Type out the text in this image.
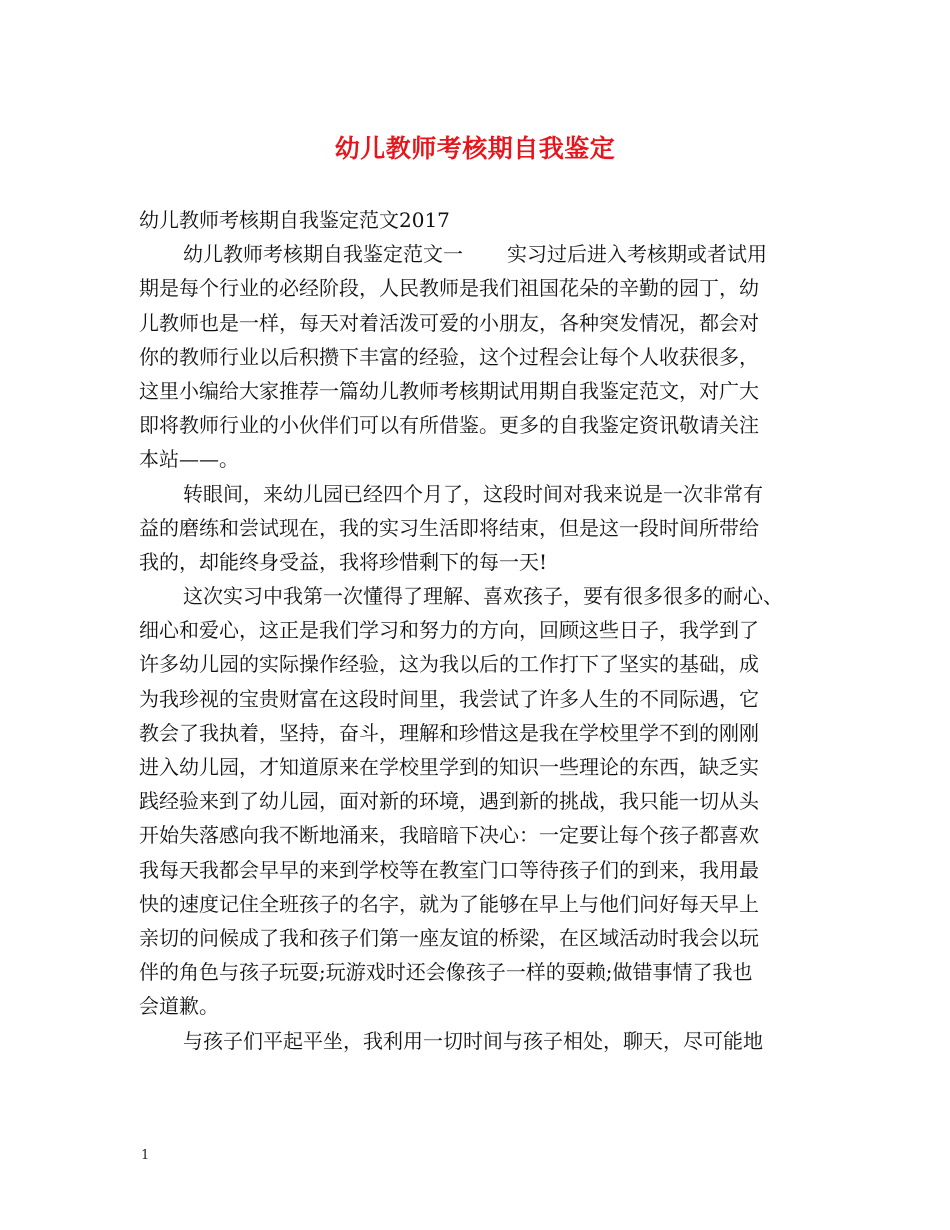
幼儿教师考核期自我鉴定
幼儿教师考核期自我鉴定范文2017
幼儿教师考核期自我鉴定范文一 实习过后进入考核期或者试用
期是每个行业的必经阶段，人民教师是我们祖国花朵的辛勤的园丁，幼
儿教师也是一样，每天对着活泼可爱的小朋友，各种突发情况，都会对
你的教师行业以后积攒下丰富的经验，这个过程会让每个人收获很多，
这里小编给大家推荐一篇幼儿教师考核期试用期自我鉴定范文，对广大
即将教师行业的小伙伴们可以有所借鉴。更多的自我鉴定资讯敬请关注
本站——。
转眼间，来幼儿园已经四个月了，这段时间对我来说是一次非常有
益的磨练和尝试现在，我的实习生活即将结束，但是这一段时间所带给
我的，却能终身受益，我将珍惜剩下的每一天!
这次实习中我第一次懂得了理解、喜欢孩子，要有很多很多的耐心、
细心和爱心，这正是我们学习和努力的方向，回顾这些日子，我学到了
许多幼儿园的实际操作经验，这为我以后的工作打下了坚实的基础，成
为我珍视的宝贵财富在这段时间里，我尝试了许多人生的不同际遇，它
教会了我执着，坚持，奋斗，理解和珍惜这是我在学校里学不到的刚刚
进入幼儿园，才知道原来在学校里学到的知识一些理论的东西，缺乏实
践经验来到了幼儿园，面对新的环境，遇到新的挑战，我只能一切从头
开始失落感向我不断地涌来，我暗暗下决心：一定要让每个孩子都喜欢
我每天我都会早早的来到学校等在教室门口等待孩子们的到来，我用最
快的速度记住全班孩子的名字，就为了能够在早上与他们问好每天早上
亲切的问候成了我和孩子们第一座友谊的桥梁，在区域活动时我会以玩
伴的角色与孩子玩耍;玩游戏时还会像孩子一样的耍赖;做错事情了我也
会道歉。
与孩子们平起平坐，我利用一切时间与孩子相处，聊天，尽可能地
1
